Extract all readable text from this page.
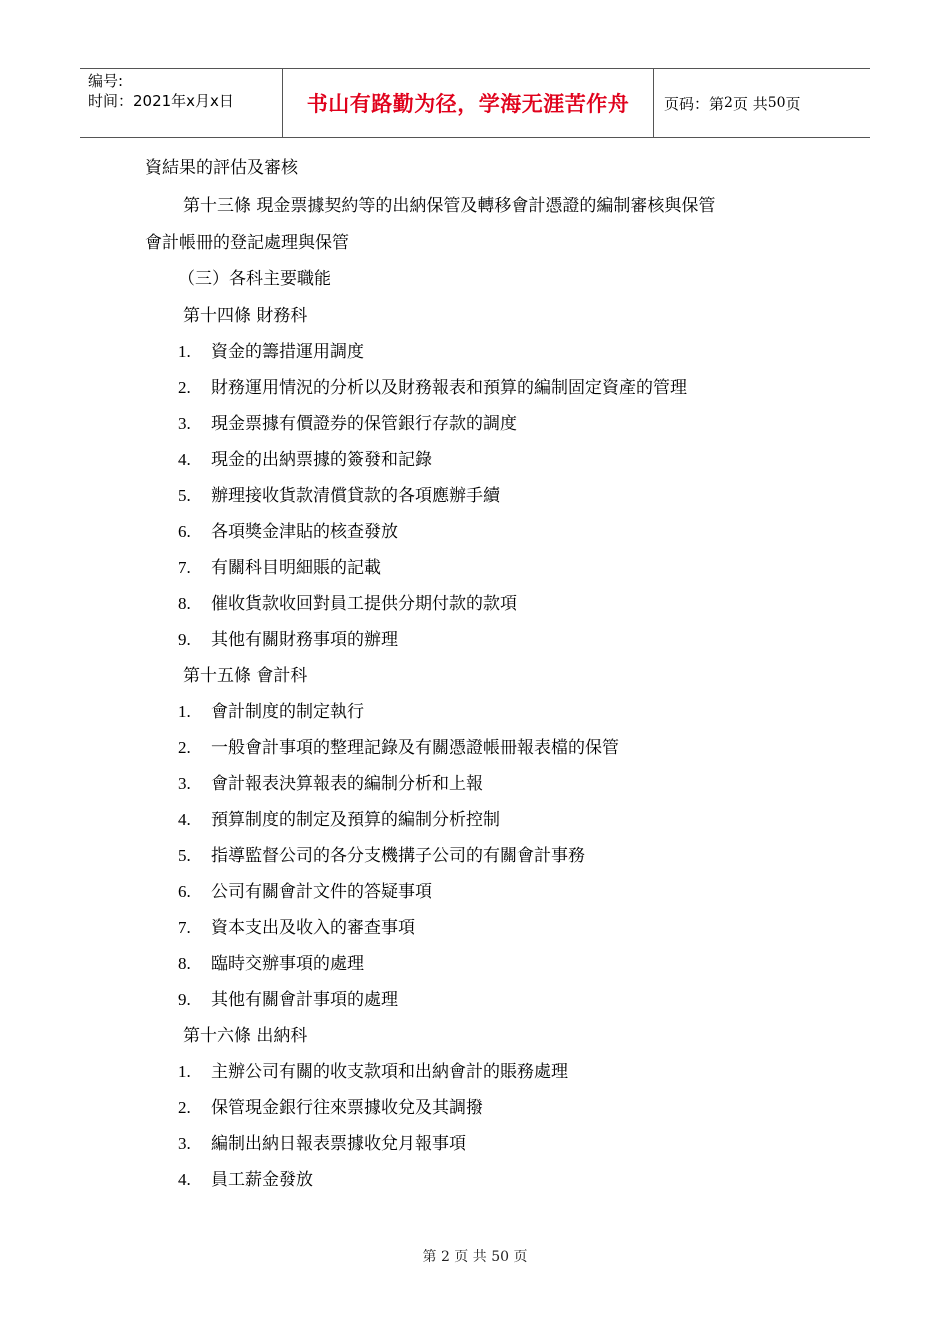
编号:
时间：2021年x月x日	书山有路勤为径，学海无涯苦作舟	页码：第 2 页 共 50 页
資結果的評估及審核
第十三條 現金票據契約等的出納保管及轉移會計憑證的編制審核與保管
會計帳冊的登記處理與保管
（三）各科主要職能
第十四條 財務科
1. 資金的籌措運用調度
2. 財務運用情況的分析以及財務報表和預算的編制固定資產的管理
3. 現金票據有價證券的保管銀行存款的調度
4. 現金的出納票據的簽發和記錄
5. 辦理接收貨款清償貸款的各項應辦手續
6. 各項獎金津貼的核查發放
7. 有關科目明細賬的記載
8. 催收貨款收回對員工提供分期付款的款項
9. 其他有關財務事項的辦理
第十五條 會計科
1. 會計制度的制定執行
2. 一般會計事項的整理記錄及有關憑證帳冊報表檔的保管
3. 會計報表決算報表的編制分析和上報
4. 預算制度的制定及預算的編制分析控制
5. 指導監督公司的各分支機搆子公司的有關會計事務
6. 公司有關會計文件的答疑事項
7. 資本支出及收入的審查事項
8. 臨時交辦事項的處理
9. 其他有關會計事項的處理
第十六條 出納科
1. 主辦公司有關的收支款項和出納會計的賬務處理
2. 保管現金銀行往來票據收兌及其調撥
3. 編制出納日報表票據收兌月報事項
4. 員工薪金發放
第 2 页 共 50 页
